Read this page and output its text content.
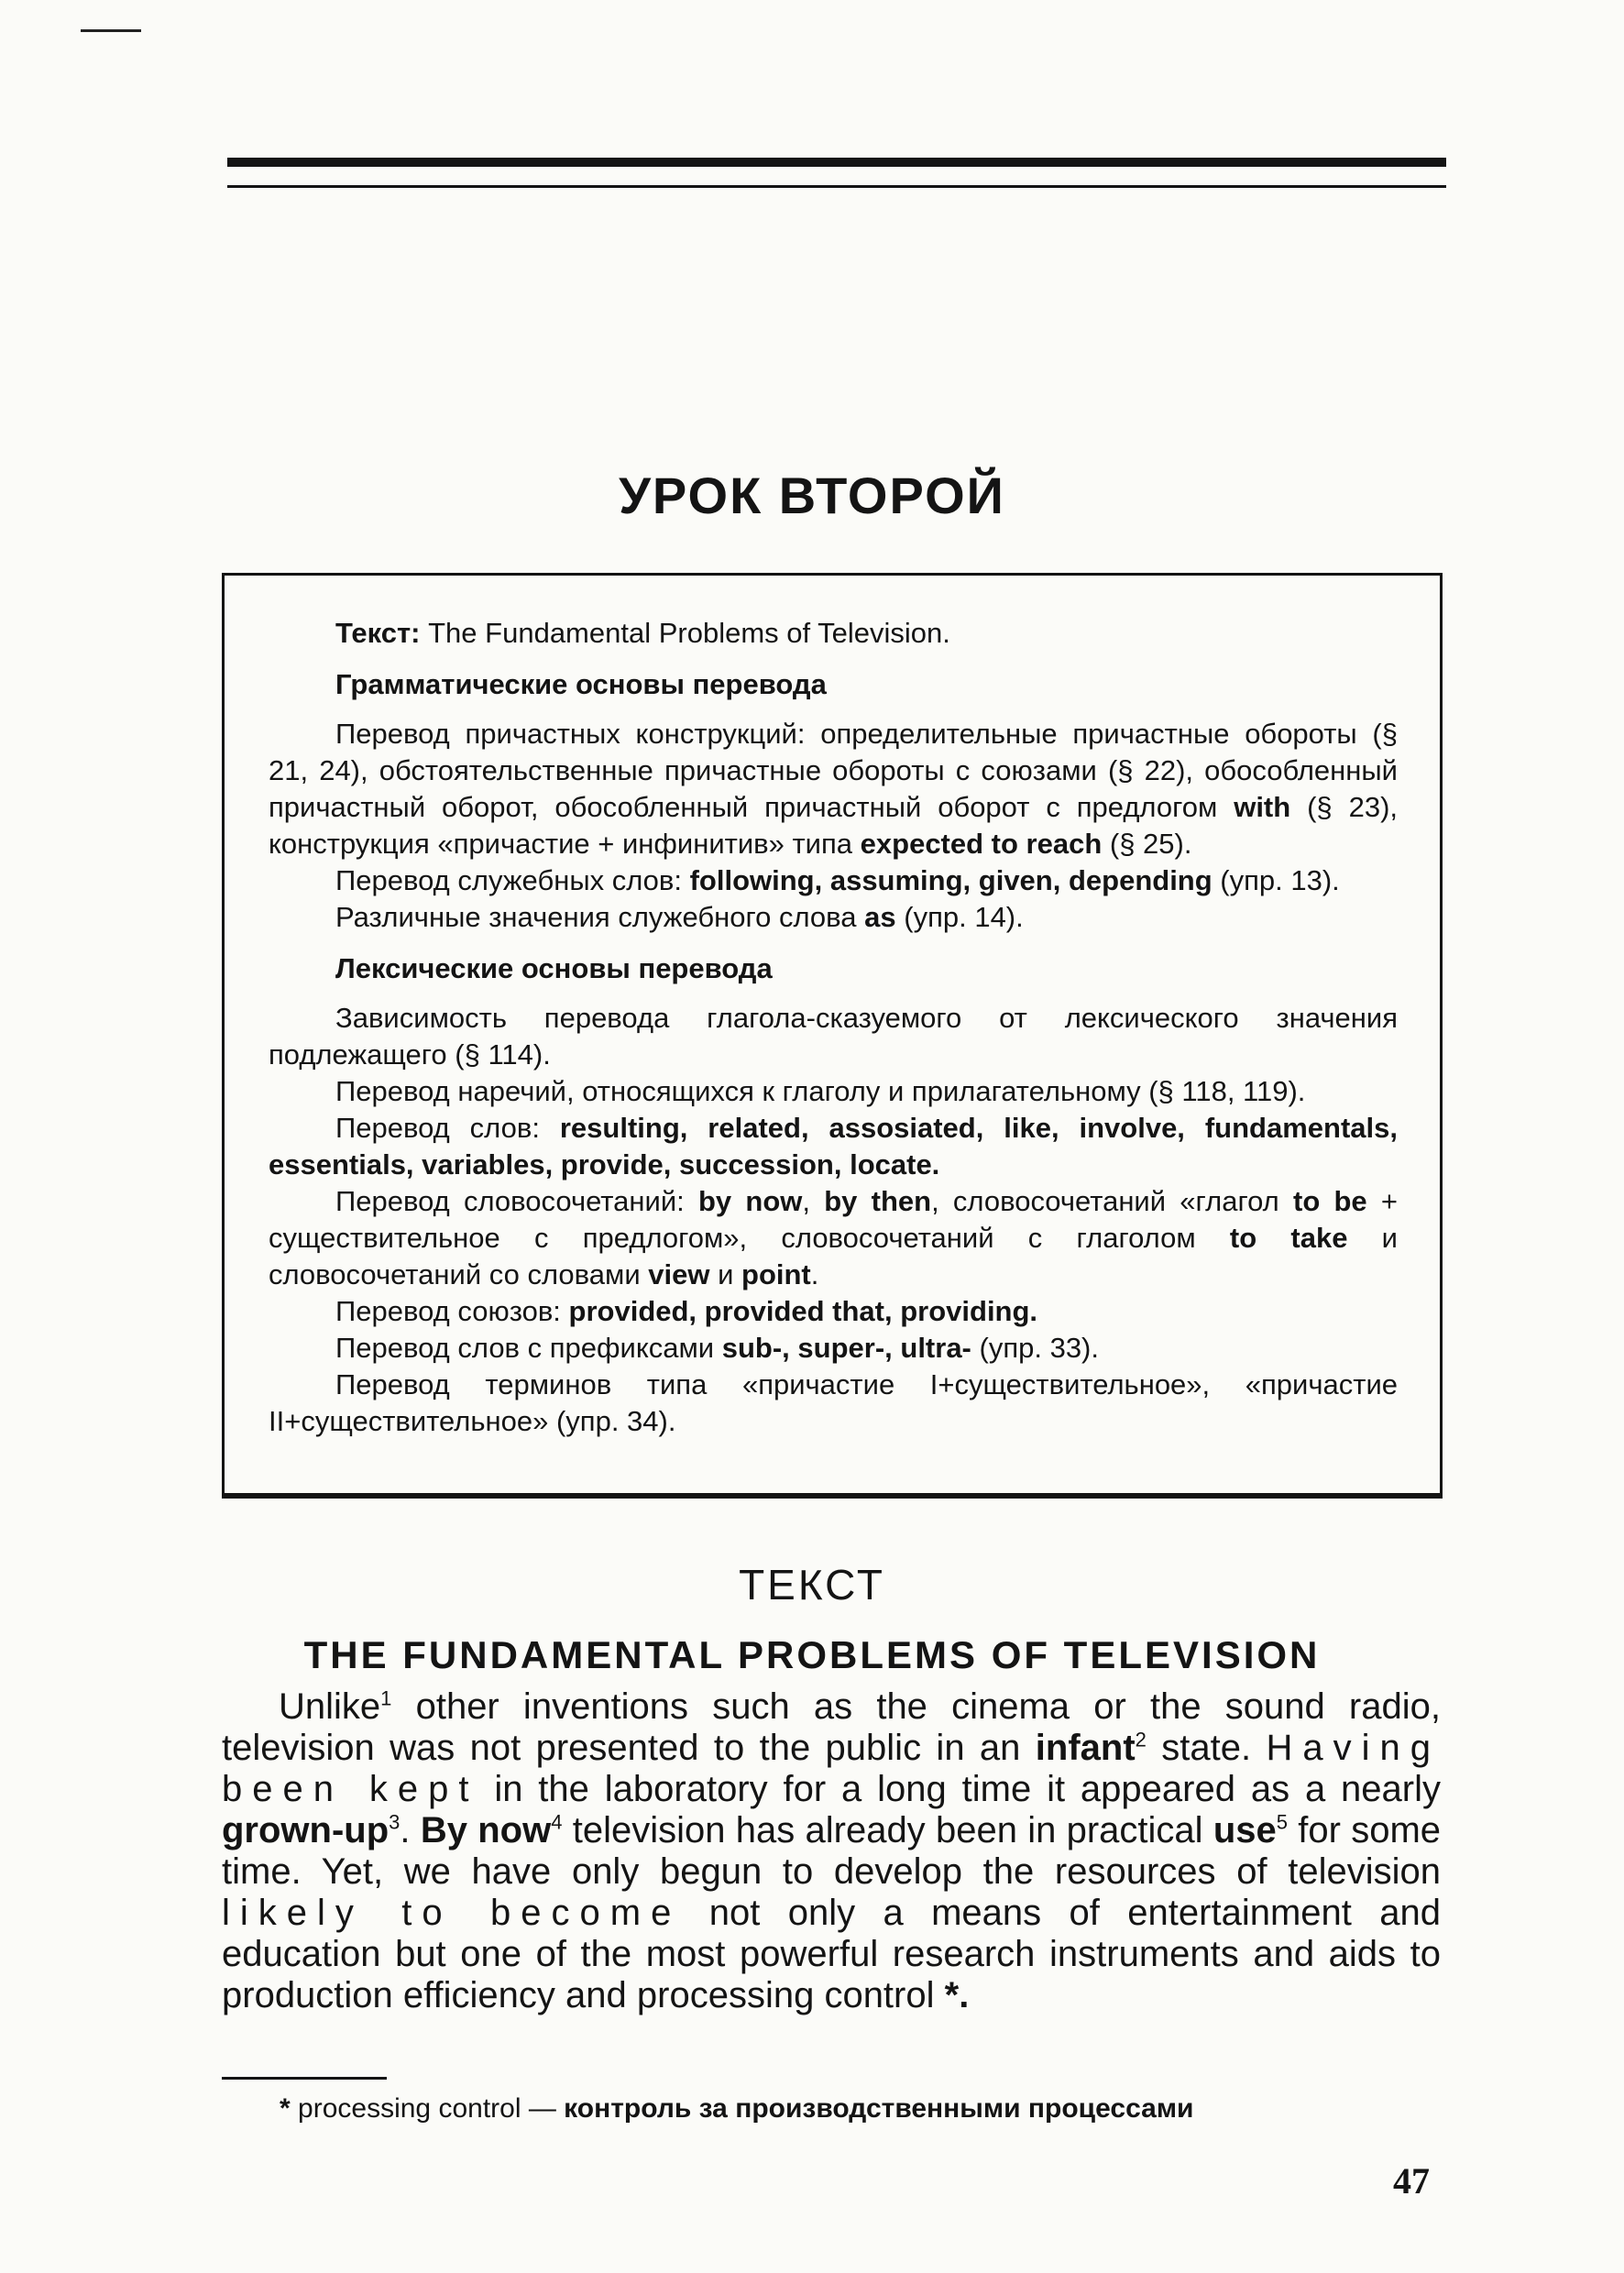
УРОК ВТОРОЙ

Текст: The Fundamental Problems of Television.

Грамматические основы перевода

Перевод причастных конструкций: определительные причастные обороты (§ 21, 24), обстоятельственные причастные обороты с союзами (§ 22), обособленный причастный оборот, обособленный причастный оборот с предлогом with (§ 23), конструкция «причастие + инфинитив» типа expected to reach (§ 25).

Перевод служебных слов: following, assuming, given, depending (упр. 13).

Различные значения служебного слова as (упр. 14).

Лексические основы перевода

Зависимость перевода глагола-сказуемого от лексического значения подлежащего (§ 114).

Перевод наречий, относящихся к глаголу и прилагательному (§ 118, 119).

Перевод слов: resulting, related, assosiated, like, involve, fundamentals, essentials, variables, provide, succession, locate.

Перевод словосочетаний: by now, by then, словосочетаний «глагол to be + существительное с предлогом», словосочетаний с глаголом to take и словосочетаний со словами view и point.

Перевод союзов: provided, provided that, providing.

Перевод слов с префиксами sub-, super-, ultra- (упр. 33).

Перевод терминов типа «причастие I+существительное», «причастие II+существительное» (упр. 34).

ТЕКСТ
THE FUNDAMENTAL PROBLEMS OF TELEVISION

Unlike$^1$ other inventions such as the cinema or the sound radio, television was not presented to the public in an infant$^2$ state. Having been kept in the laboratory for a long time it appeared as a nearly grown-$up^3$. By now$^4$ television has already been in practical use$^5$ for some time. Yet, we have only begun to develop the resources of television likely to become not only a means of entertainment and education but one of the most powerful research instruments and aids to production efficiency and processing control *.

* processing control — контроль за производственными процессами

47
